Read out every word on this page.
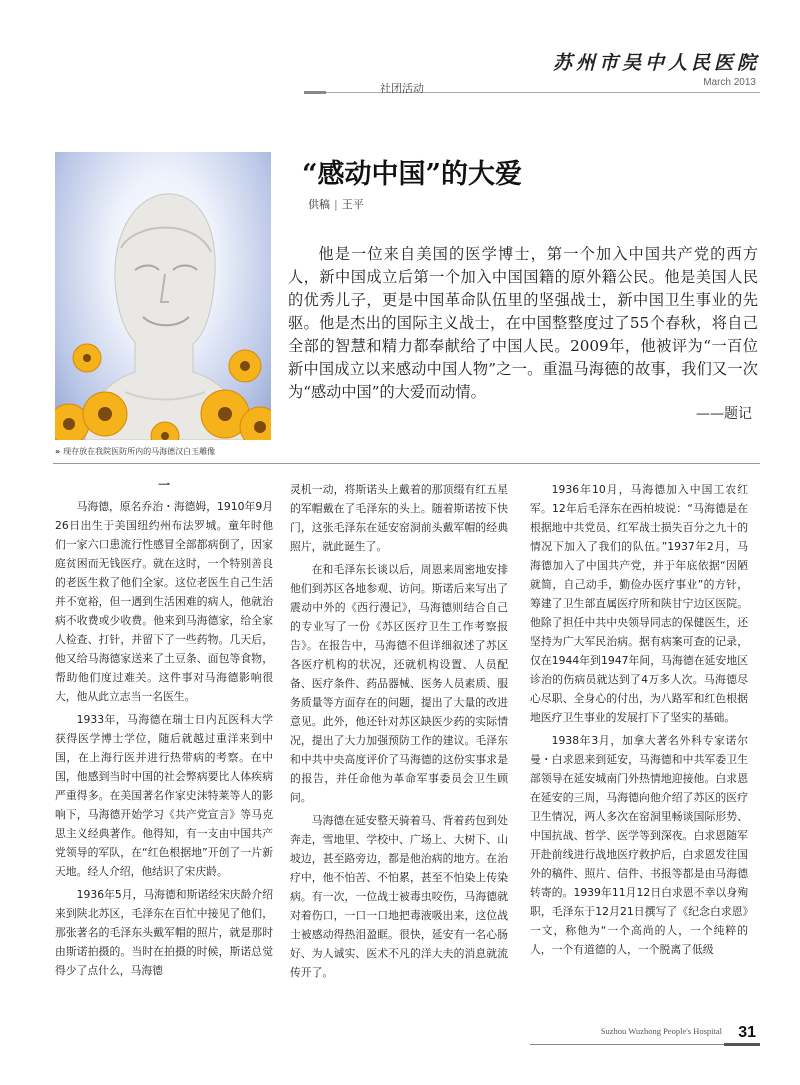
苏州市吴中人民医院
March 2013
社团活动
» 现存放在我院医防所内的马海德汉白玉雕像
“感动中国”的大爱
供稿 | 王平

他是一位来自美国的医学博士，第一个加入中国共产党的西方人，新中国成立后第一个加入中国国籍的原外籍公民。他是美国人民的优秀儿子，更是中国革命队伍里的坚强战士，新中国卫生事业的先驱。他是杰出的国际主义战士，在中国整整度过了55个春秋，将自己全部的智慧和精力都奉献给了中国人民。2009年，他被评为“一百位新中国成立以来感动中国人物”之一。重温马海德的故事，我们又一次为“感动中国”的大爱而动情。

——题记
一

马海德，原名乔治・海德姆，1910年9月26日出生于美国纽约州布法罗城。童年时他们一家六口患流行性感冒全部都病倒了，因家庭贫困而无钱医疗。就在这时，一个特别善良的老医生救了他们全家。这位老医生自己生活并不宽裕，但一遇到生活困难的病人，他就治病不收费或少收费。他来到马海德家，给全家人检查、打针，并留下了一些药物。几天后，他又给马海德家送来了土豆条、面包等食物，帮助他们度过难关。这件事对马海德影响很大，他从此立志当一名医生。

1933年，马海德在瑞士日内瓦医科大学获得医学博士学位，随后就越过重洋来到中国，在上海行医并进行热带病的考察。在中国，他感到当时中国的社会弊病要比人体疾病严重得多。在美国著名作家史沫特莱等人的影响下，马海德开始学习《共产党宣言》等马克思主义经典著作。他得知，有一支由中国共产党领导的军队，在“红色根据地”开创了一片新天地。经人介绍，他结识了宋庆龄。

1936年5月，马海德和斯诺经宋庆龄介绍来到陕北苏区，毛泽东在百忙中接见了他们，那张著名的毛泽东头戴军帽的照片，就是那时由斯诺拍摄的。当时在拍摄的时候，斯诺总觉得少了点什么，马海德

灵机一动，将斯诺头上戴着的那顶缀有红五星的军帽戴在了毛泽东的头上。随着斯诺按下快门，这张毛泽东在延安窑洞前头戴军帽的经典照片，就此诞生了。

在和毛泽东长谈以后，周恩来周密地安排他们到苏区各地参观、访问。斯诺后来写出了震动中外的《西行漫记》，马海德则结合自己的专业写了一份《苏区医疗卫生工作考察报告》。在报告中，马海德不但详细叙述了苏区各医疗机构的状况，还就机构设置、人员配备、医疗条件、药品器械、医务人员素质、服务质量等方面存在的问题，提出了大量的改进意见。此外，他还针对苏区缺医少药的实际情况，提出了大力加强预防工作的建议。毛泽东和中共中央高度评价了马海德的这份实事求是的报告，并任命他为革命军事委员会卫生顾问。

马海德在延安整天骑着马、背着药包到处奔走，雪地里、学校中、广场上、大树下、山坡边，甚至路旁边，都是他治病的地方。在治疗中，他不怕苦、不怕累，甚至不怕染上传染病。有一次，一位战士被毒虫咬伤，马海德就对着伤口，一口一口地把毒液吸出来，这位战士被感动得热泪盈眶。很快，延安有一名心肠好、为人诚实、医术不凡的洋大夫的消息就流传开了。

1936年10月，马海德加入中国工农红军。12年后毛泽东在西柏坡说：“马海德是在根据地中共党员、红军战士损失百分之九十的情况下加入了我们的队伍。”1937年2月，马海德加入了中国共产党，并于年底依据“因陋就简，自己动手，勤俭办医疗事业”的方针，筹建了卫生部直属医疗所和陕甘宁边区医院。他除了担任中共中央领导同志的保健医生，还坚持为广大军民治病。据有病案可查的记录，仅在1944年到1947年间，马海德在延安地区诊治的伤病员就达到了4万多人次。马海德尽心尽职、全身心的付出，为八路军和红色根据地医疗卫生事业的发展打下了坚实的基础。

1938年3月，加拿大著名外科专家诺尔曼・白求恩来到延安，马海德和中共军委卫生部领导在延安城南门外热情地迎接他。白求恩在延安的三周，马海德向他介绍了苏区的医疗卫生情况，两人多次在窑洞里畅谈国际形势、中国抗战、哲学、医学等到深夜。白求恩随军开赴前线进行战地医疗救护后，白求恩发往国外的稿件、照片、信件、书报等都是由马海德转寄的。1939年11月12日白求恩不幸以身殉职，毛泽东于12月21日撰写了《纪念白求恩》一文，称他为“一个高尚的人，一个纯粹的人，一个有道德的人，一个脱离了低级

Suzhou Wuzhong People's Hospital 31
